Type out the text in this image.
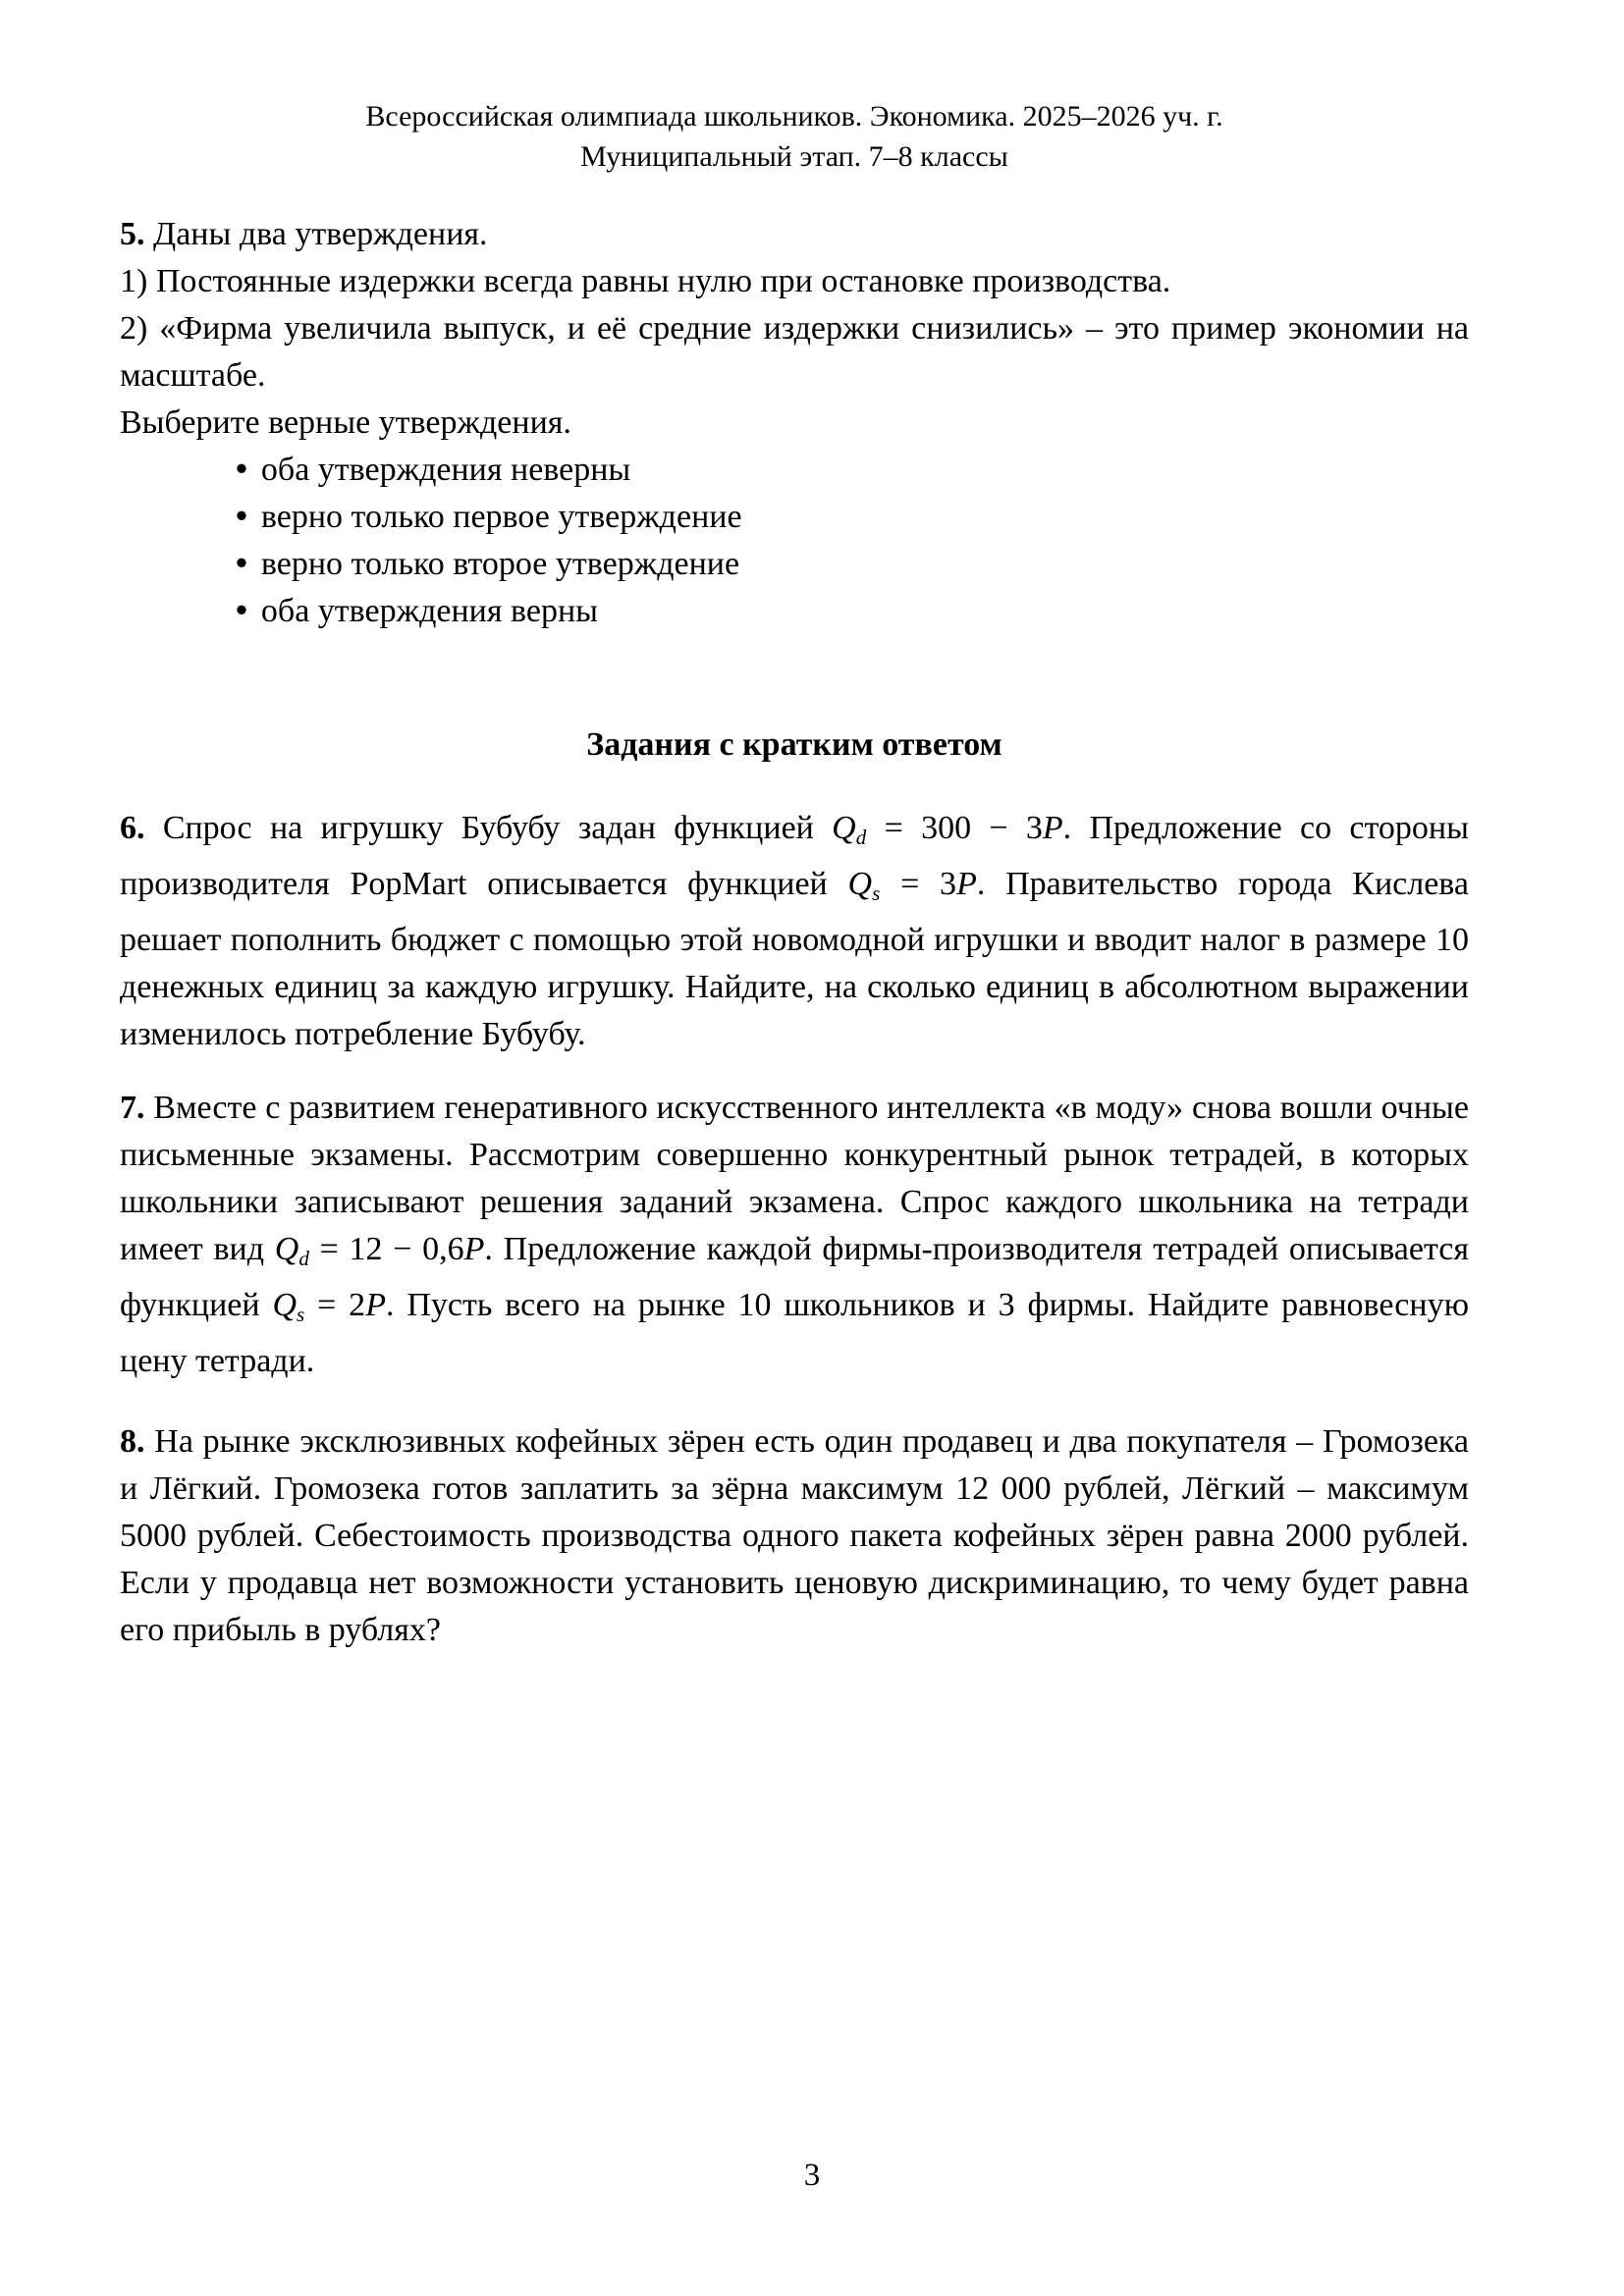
Всероссийская олимпиада школьников. Экономика. 2025–2026 уч. г.
Муниципальный этап. 7–8 классы

5. Даны два утверждения.

1) Постоянные издержки всегда равны нулю при остановке производства.

2) «Фирма увеличила выпуск, и её средние издержки снизились» – это пример экономии на масштабе.

Выберите верные утверждения.

• оба утверждения неверны
• верно только первое утверждение
• верно только второе утверждение
• оба утверждения верны
Задания с кратким ответом

6. Спрос на игрушку Бубубу задан функцией Qd = 300 − 3P. Предложение со стороны производителя PopMart описывается функцией Qs = 3P. Правительство города Кислева решает пополнить бюджет с помощью этой новомодной игрушки и вводит налог в размере 10 денежных единиц за каждую игрушку. Найдите, на сколько единиц в абсолютном выражении изменилось потребление Бубубу.

7. Вместе с развитием генеративного искусственного интеллекта «в моду» снова вошли очные письменные экзамены. Рассмотрим совершенно конкурентный рынок тетрадей, в которых школьники записывают решения заданий экзамена. Спрос каждого школьника на тетради имеет вид Qd = 12 − 0,6P. Предложение каждой фирмы-производителя тетрадей описывается функцией Qs = 2P. Пусть всего на рынке 10 школьников и 3 фирмы. Найдите равновесную цену тетради.

8. На рынке эксклюзивных кофейных зёрен есть один продавец и два покупателя – Громозека и Лёгкий. Громозека готов заплатить за зёрна максимум 12 000 рублей, Лёгкий – максимум 5000 рублей. Себестоимость производства одного пакета кофейных зёрен равна 2000 рублей. Если у продавца нет возможности установить ценовую дискриминацию, то чему будет равна его прибыль в рублях?

3
